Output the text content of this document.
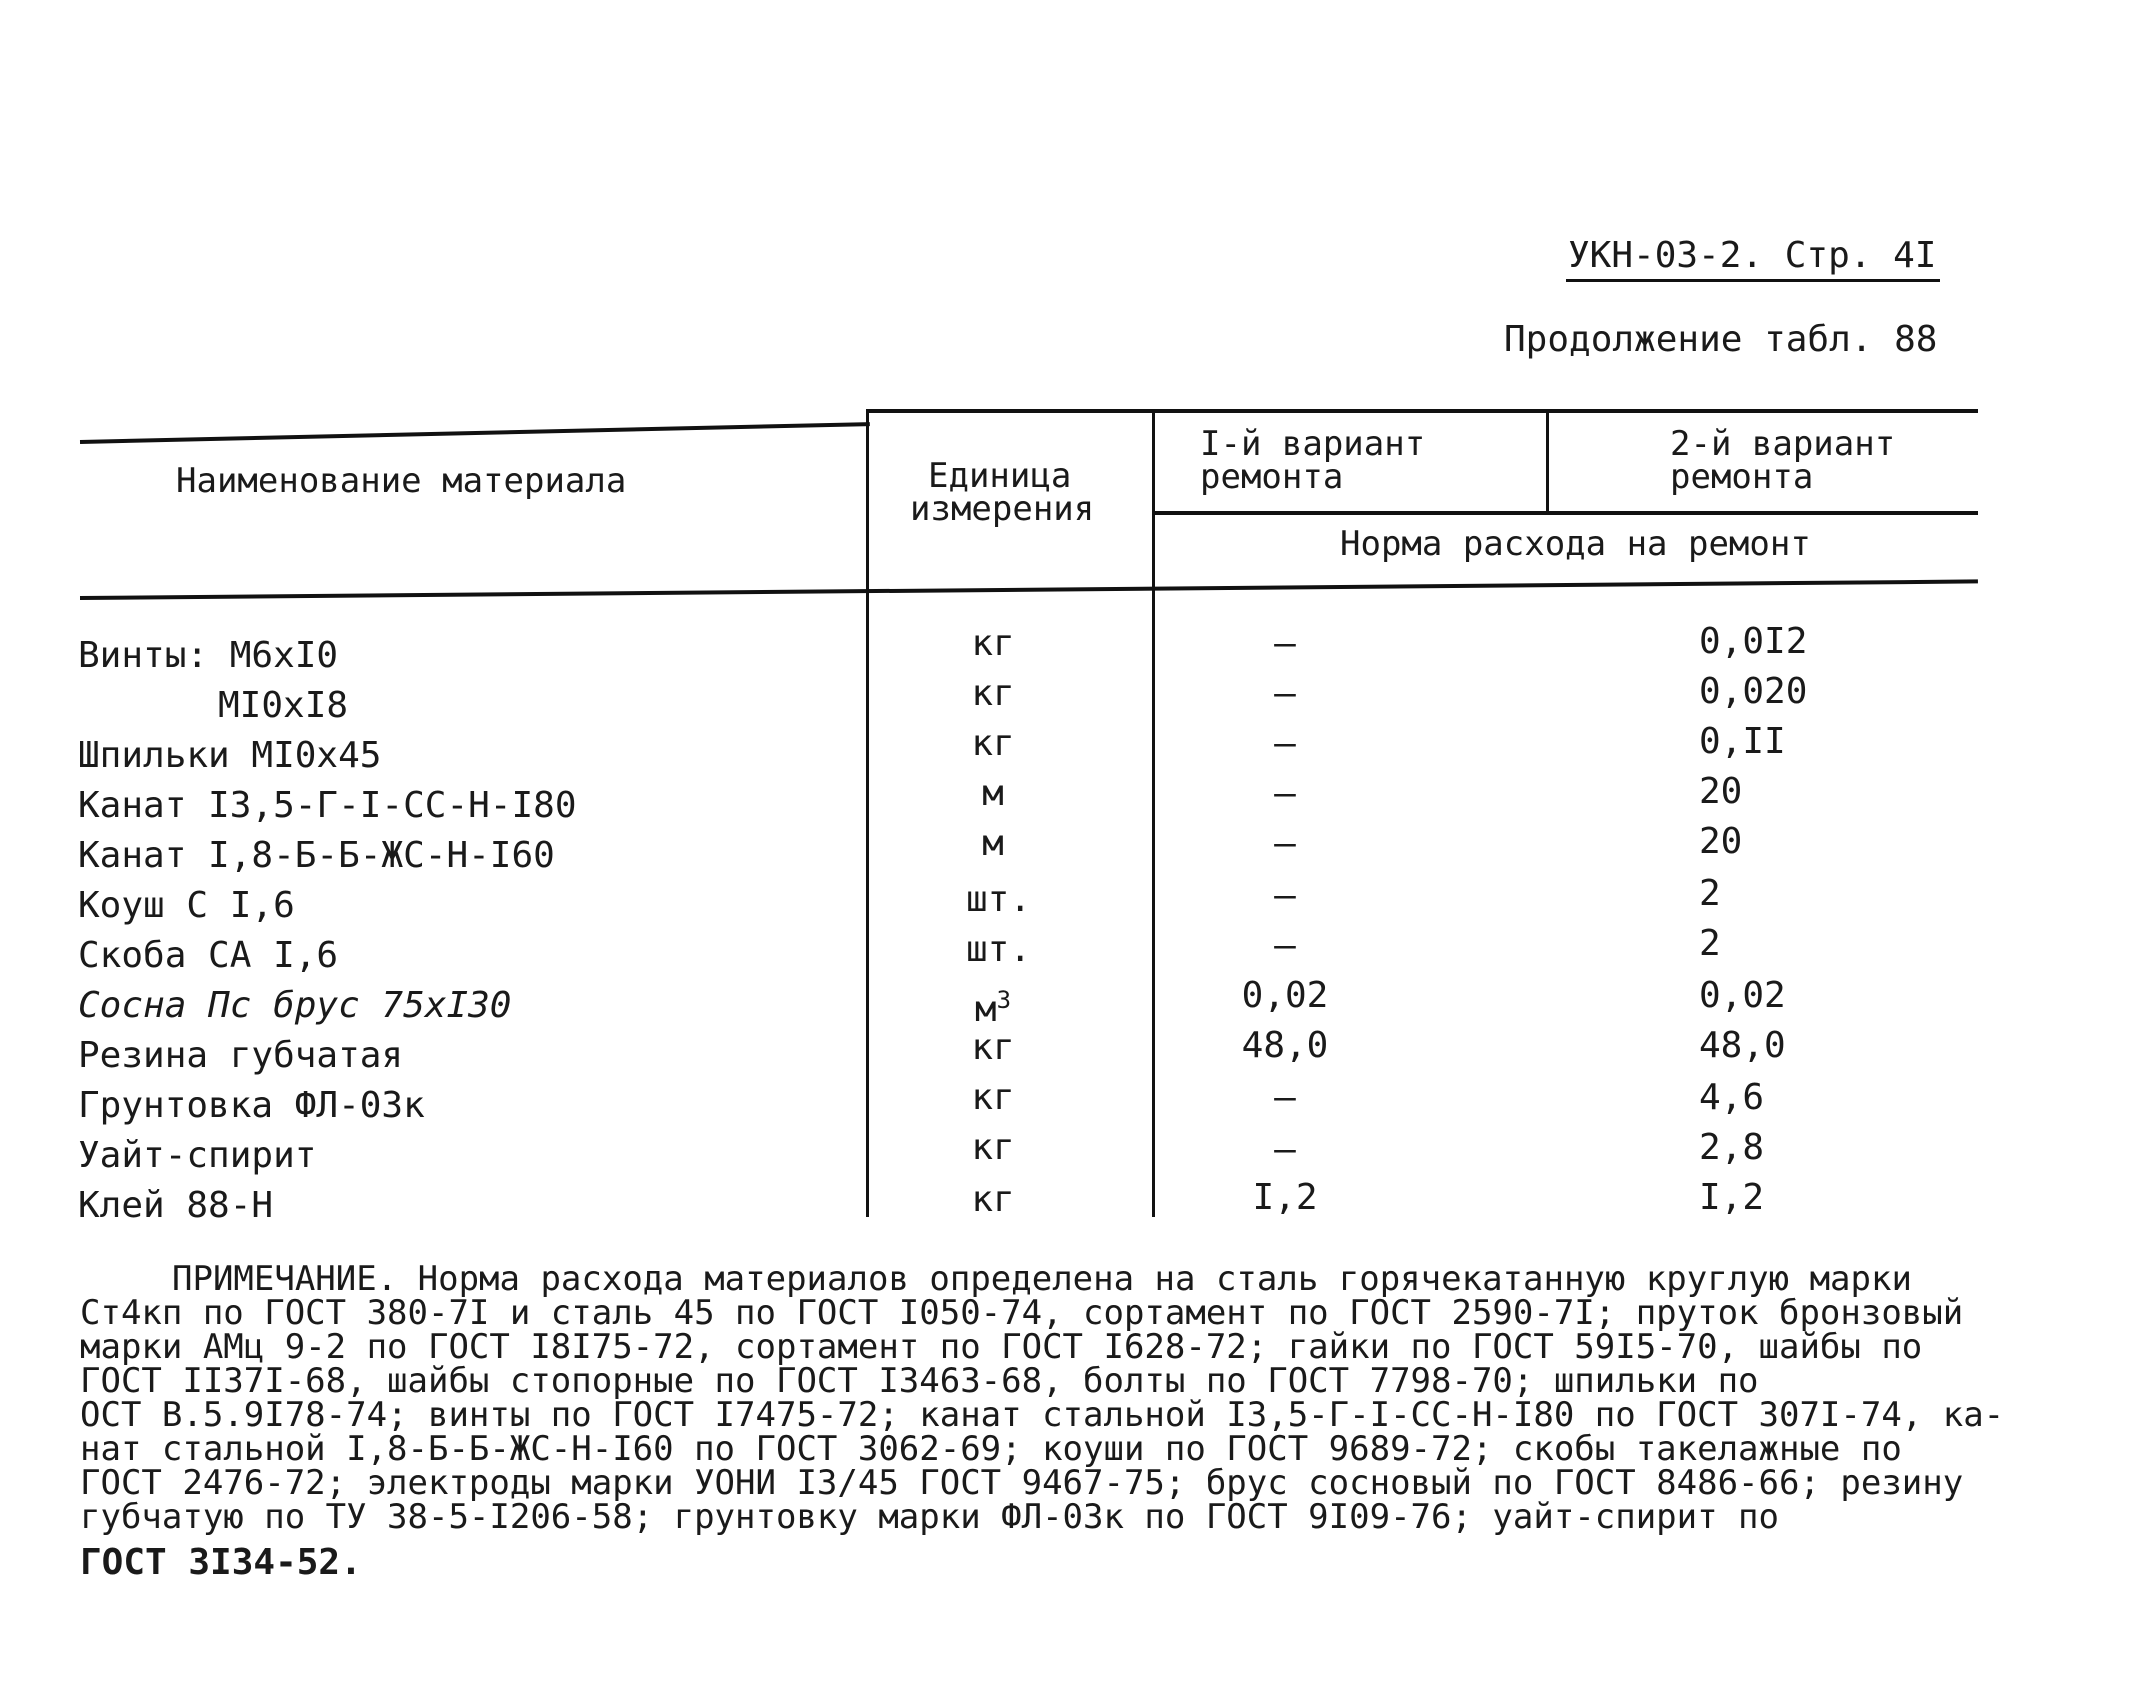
УКН-03-2. Стр. 4I
Продолжение табл. 88
Наименование материала	Единица
измерения
I-й вариант
ремонта
2-й вариант
ремонта
Норма расхода на ремонт
Винты: М6хI0	кг	–	0,0I2
МI0хI8	кг	–	0,020
Шпильки МI0х45	кг	–	0,II
Канат I3,5-Г-I-СС-Н-I80	м	–	20
Канат I,8-Б-Б-ЖС-Н-I60	м	–	20
Коуш С I,6	шт.	–	2
Скоба СА I,6	шт.	–	2
Сосна Пс брус 75хI30	$м^3$	0,02	0,02
Резина губчатая	кг	48,0	48,0
Грунтовка ФЛ-03к	кг	–	4,6
Уайт-спирит	кг	–	2,8
Клей 88-Н	кг	I,2	I,2
ПРИМЕЧАНИЕ. Норма расхода материалов определена на сталь горячекатанную круглую марки
Ст4кп по ГОСТ 380-7I и сталь 45 по ГОСТ I050-74, сортамент по ГОСТ 2590-7I; пруток бронзовый
марки АМц 9-2 по ГОСТ I8I75-72, сортамент по ГОСТ I628-72; гайки по ГОСТ 59I5-70, шайбы по
ГОСТ II37I-68, шайбы стопорные по ГОСТ I3463-68, болты по ГОСТ 7798-70; шпильки по
ОСТ В.5.9I78-74; винты по ГОСТ I7475-72; канат стальной I3,5-Г-I-СС-Н-I80 по ГОСТ 307I-74, ка-
нат стальной I,8-Б-Б-ЖС-Н-I60 по ГОСТ 3062-69; коуши по ГОСТ 9689-72; скобы такелажные по
ГОСТ 2476-72; электроды марки УОНИ I3/45 ГОСТ 9467-75; брус сосновый по ГОСТ 8486-66; резину
губчатую по ТУ 38-5-I206-58; грунтовку марки ФЛ-03к по ГОСТ 9I09-76; уайт-спирит по
ГОСТ 3I34-52.
